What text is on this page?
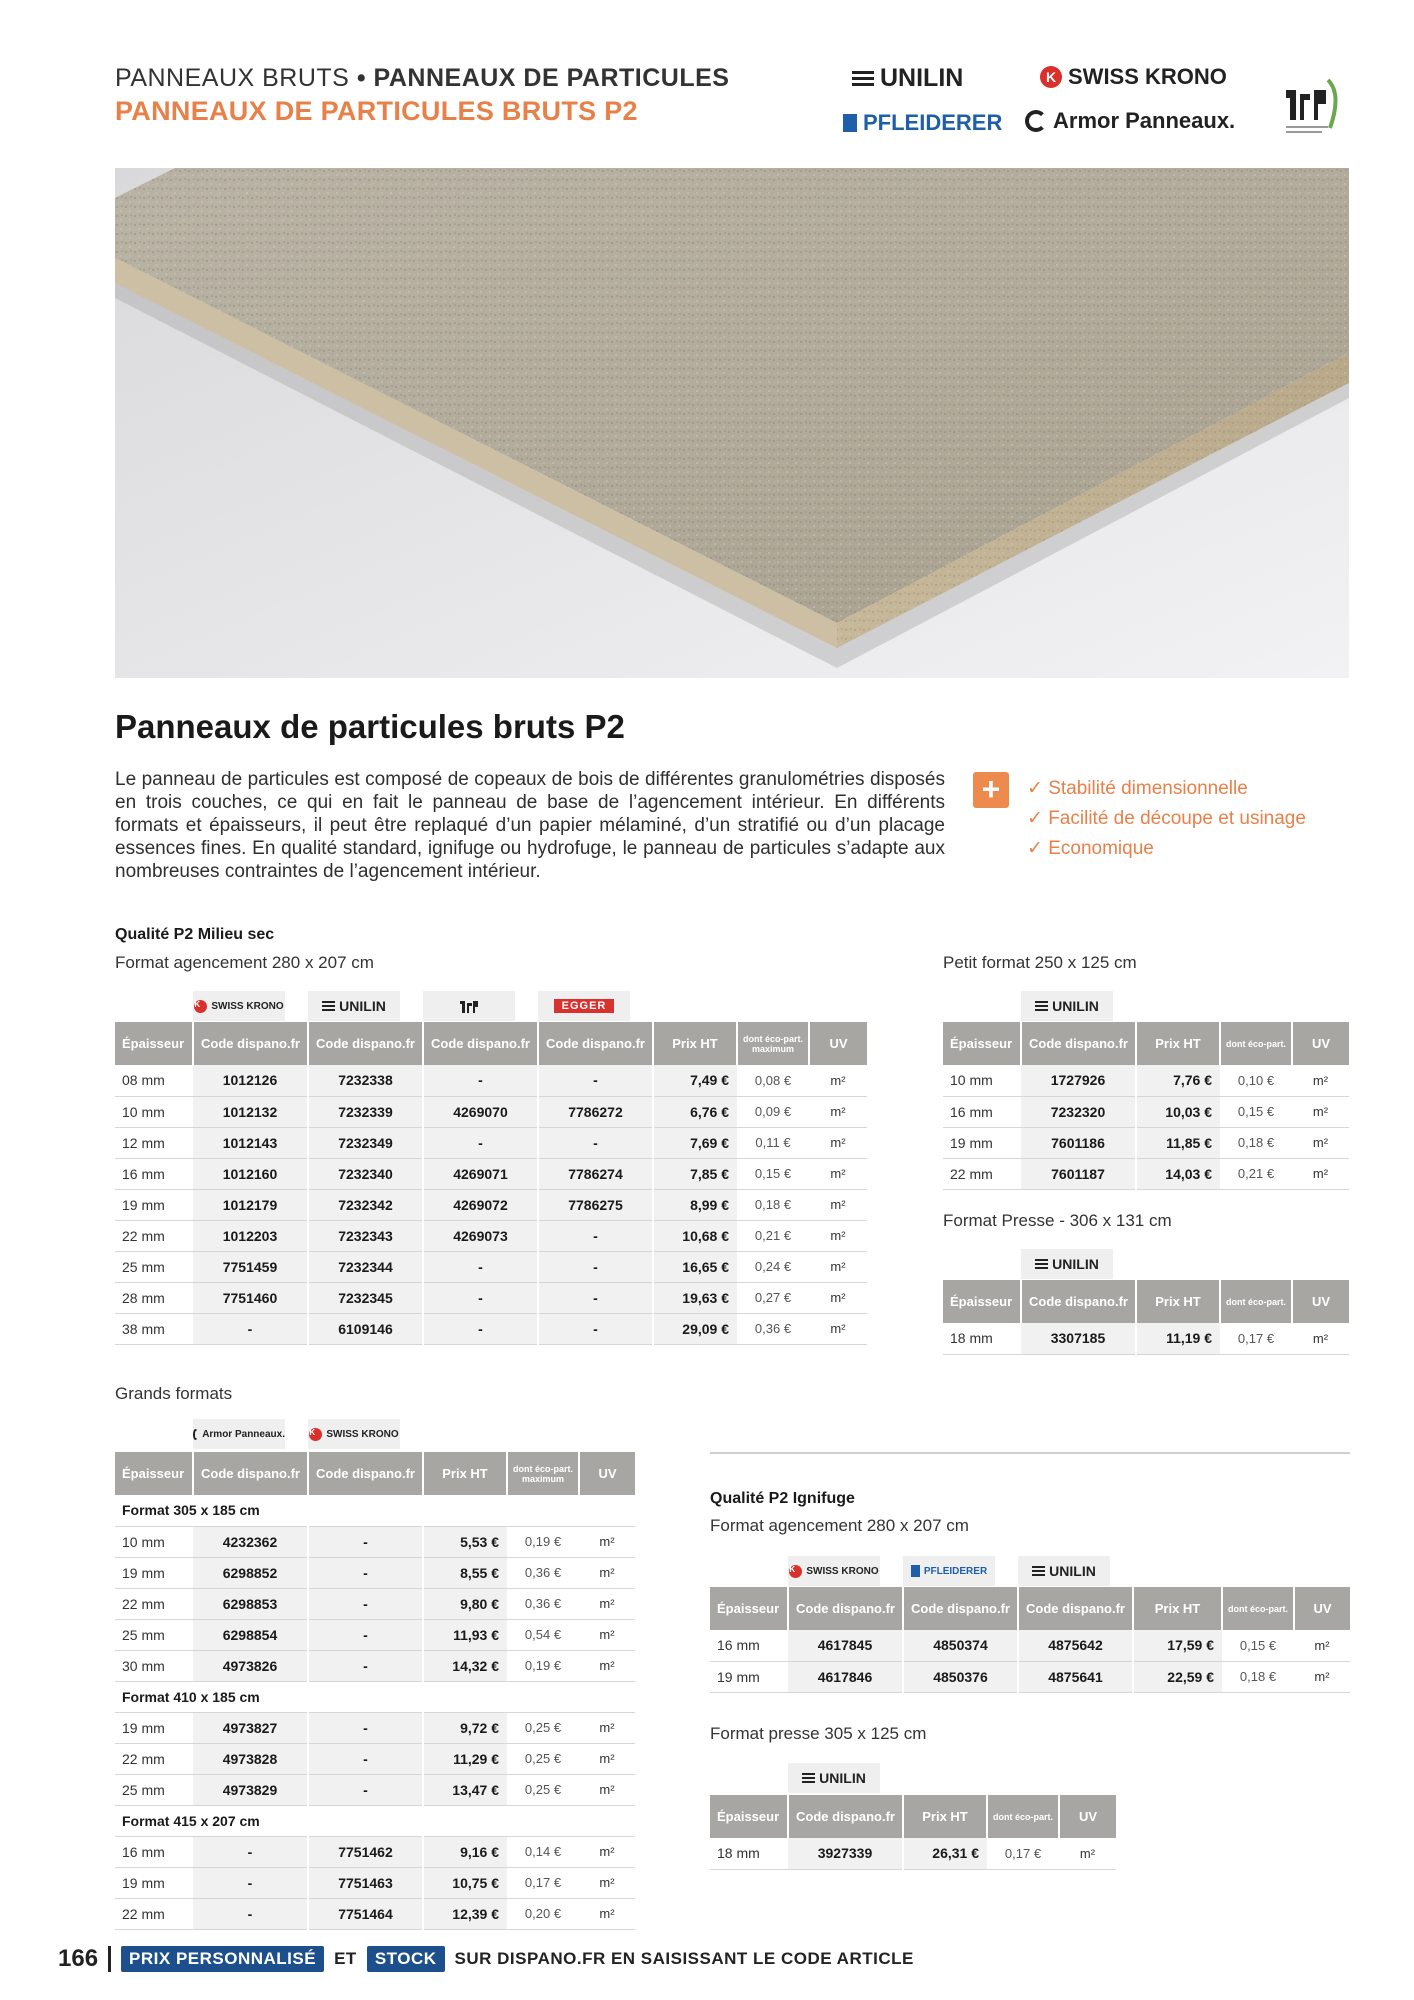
PANNEAUX BRUTS • PANNEAUX DE PARTICULES
PANNEAUX DE PARTICULES BRUTS P2
UNILIN	K SWISS KRONO
PFLEIDERER Armor Panneaux.
Panneaux de particules bruts P2

Le panneau de particules est composé de copeaux de bois de différentes granulométries disposés en trois couches, ce qui en fait le panneau de base de l’agencement intérieur. En différents formats et épaisseurs, il peut être replaqué d’un papier mélaminé, d’un stratifié ou d’un placage essences fines. En qualité standard, ignifuge ou hydrofuge, le panneau de particules s’adapte aux nombreuses contraintes de l’agencement intérieur.

+	✓ Stabilité dimensionnelle
✓ Facilité de découpe et usinage
✓ Economique
Qualité P2 Milieu sec
Format agencement 280 x 207 cm
K	SWISS KRONO	UNILIN	EGGER
Épaisseur	Code dispano.fr	Code dispano.fr	Code dispano.fr	Code dispano.fr	Prix HT	dont éco-part. maximum	UV
08 mm	1012126	7232338	-	-	7,49 €	0,08 €	m²
10 mm	1012132	7232339	4269070	7786272	6,76 €	0,09 €	m²
12 mm	1012143	7232349	-	-	7,69 €	0,11 €	m²
16 mm	1012160	7232340	4269071	7786274	7,85 €	0,15 €	m²
19 mm	1012179	7232342	4269072	7786275	8,99 €	0,18 €	m²
22 mm	1012203	7232343	4269073	-	10,68 €	0,21 €	m²
25 mm	7751459	7232344	-	-	16,65 €	0,24 €	m²
28 mm	7751460	7232345	-	-	19,63 €	0,27 €	m²
38 mm	-	6109146	-	-	29,09 €	0,36 €	m²
Petit format 250 x 125 cm
UNILIN
Épaisseur	Code dispano.fr	Prix HT	dont éco-part.	UV
10 mm	1727926	7,76 €	0,10 €	m²
16 mm	7232320	10,03 €	0,15 €	m²
19 mm	7601186	11,85 €	0,18 €	m²
22 mm	7601187	14,03 €	0,21 €	m²
Format Presse - 306 x 131 cm
UNILIN
Épaisseur	Code dispano.fr	Prix HT	dont éco-part.	UV
18 mm	3307185	11,19 €	0,17 €	m²
Grands formats
Armor Panneaux.	K	SWISS KRONO
Épaisseur	Code dispano.fr	Code dispano.fr	Prix HT	dont éco-part. maximum	UV
Format 305 x 185 cm					
10 mm	4232362	-	5,53 €	0,19 €	m²
19 mm	6298852	-	8,55 €	0,36 €	m²
22 mm	6298853	-	9,80 €	0,36 €	m²
25 mm	6298854	-	11,93 €	0,54 €	m²
30 mm	4973826	-	14,32 €	0,19 €	m²
Format 410 x 185 cm					
19 mm	4973827	-	9,72 €	0,25 €	m²
22 mm	4973828	-	11,29 €	0,25 €	m²
25 mm	4973829	-	13,47 €	0,25 €	m²
Format 415 x 207 cm					
16 mm	-	7751462	9,16 €	0,14 €	m²
19 mm	-	7751463	10,75 €	0,17 €	m²
22 mm	-	7751464	12,39 €	0,20 €	m²
Qualité P2 Ignifuge
Format agencement 280 x 207 cm
K	SWISS KRONO	PFLEIDERER	UNILIN
Épaisseur	Code dispano.fr	Code dispano.fr	Code dispano.fr	Prix HT	dont éco-part.	UV
16 mm	4617845	4850374	4875642	17,59 €	0,15 €	m²
19 mm	4617846	4850376	4875641	22,59 €	0,18 €	m²
Format presse 305 x 125 cm
UNILIN
Épaisseur	Code dispano.fr	Prix HT	dont éco-part.	UV
18 mm	3927339	26,31 €	0,17 €	m²
166	PRIX PERSONNALISÉ	ET	STOCK	SUR DISPANO.FR EN SAISISSANT LE CODE ARTICLE
